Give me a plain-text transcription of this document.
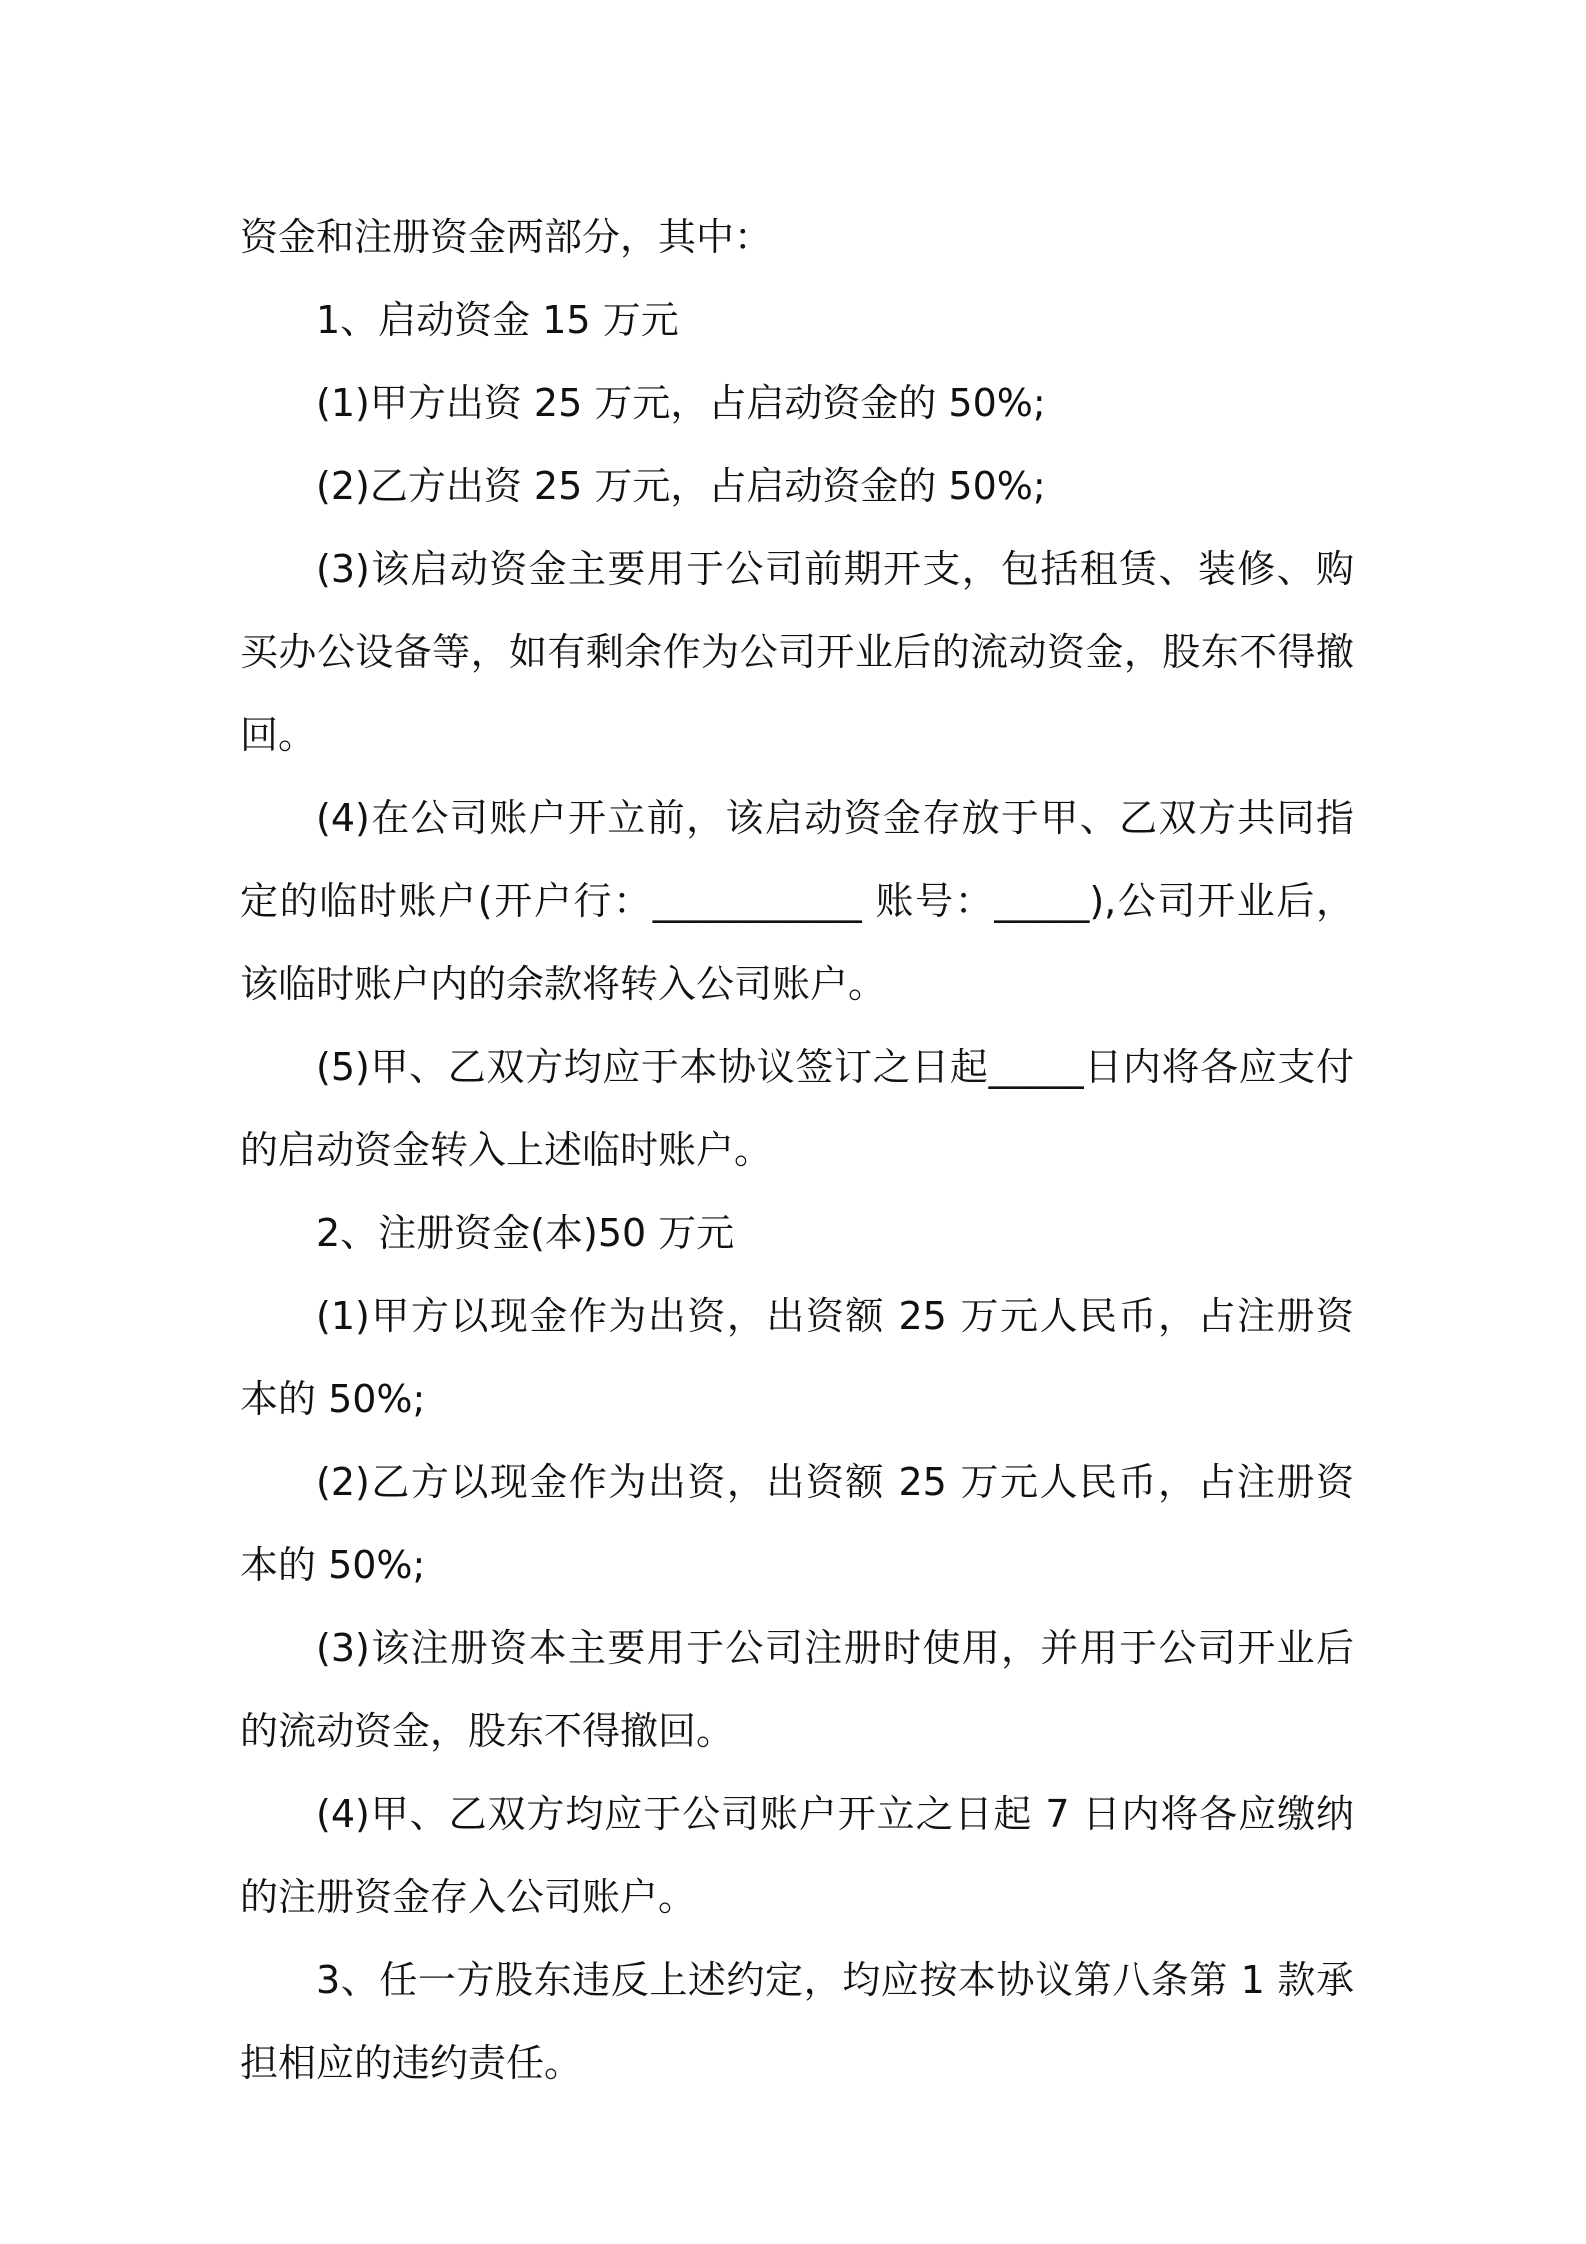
资金和注册资金两部分，其中：

1、启动资金 15 万元

(1)甲方出资 25 万元，占启动资金的 50%;

(2)乙方出资 25 万元，占启动资金的 50%;

(3)该启动资金主要用于公司前期开支，包括租赁、装修、购买办公设备等，如有剩余作为公司开业后的流动资金，股东不得撤回。

(4)在公司账户开立前，该启动资金存放于甲、乙双方共同指定的临时账户(开户行：___________ 账号：_____),公司开业后，该临时账户内的余款将转入公司账户。

(5)甲、乙双方均应于本协议签订之日起_____日内将各应支付的启动资金转入上述临时账户。

2、注册资金(本)50 万元

(1)甲方以现金作为出资，出资额 25 万元人民币，占注册资本的 50%;

(2)乙方以现金作为出资，出资额 25 万元人民币，占注册资本的 50%;

(3)该注册资本主要用于公司注册时使用，并用于公司开业后的流动资金，股东不得撤回。

(4)甲、乙双方均应于公司账户开立之日起 7 日内将各应缴纳的注册资金存入公司账户。

3、任一方股东违反上述约定，均应按本协议第八条第 1 款承担相应的违约责任。
